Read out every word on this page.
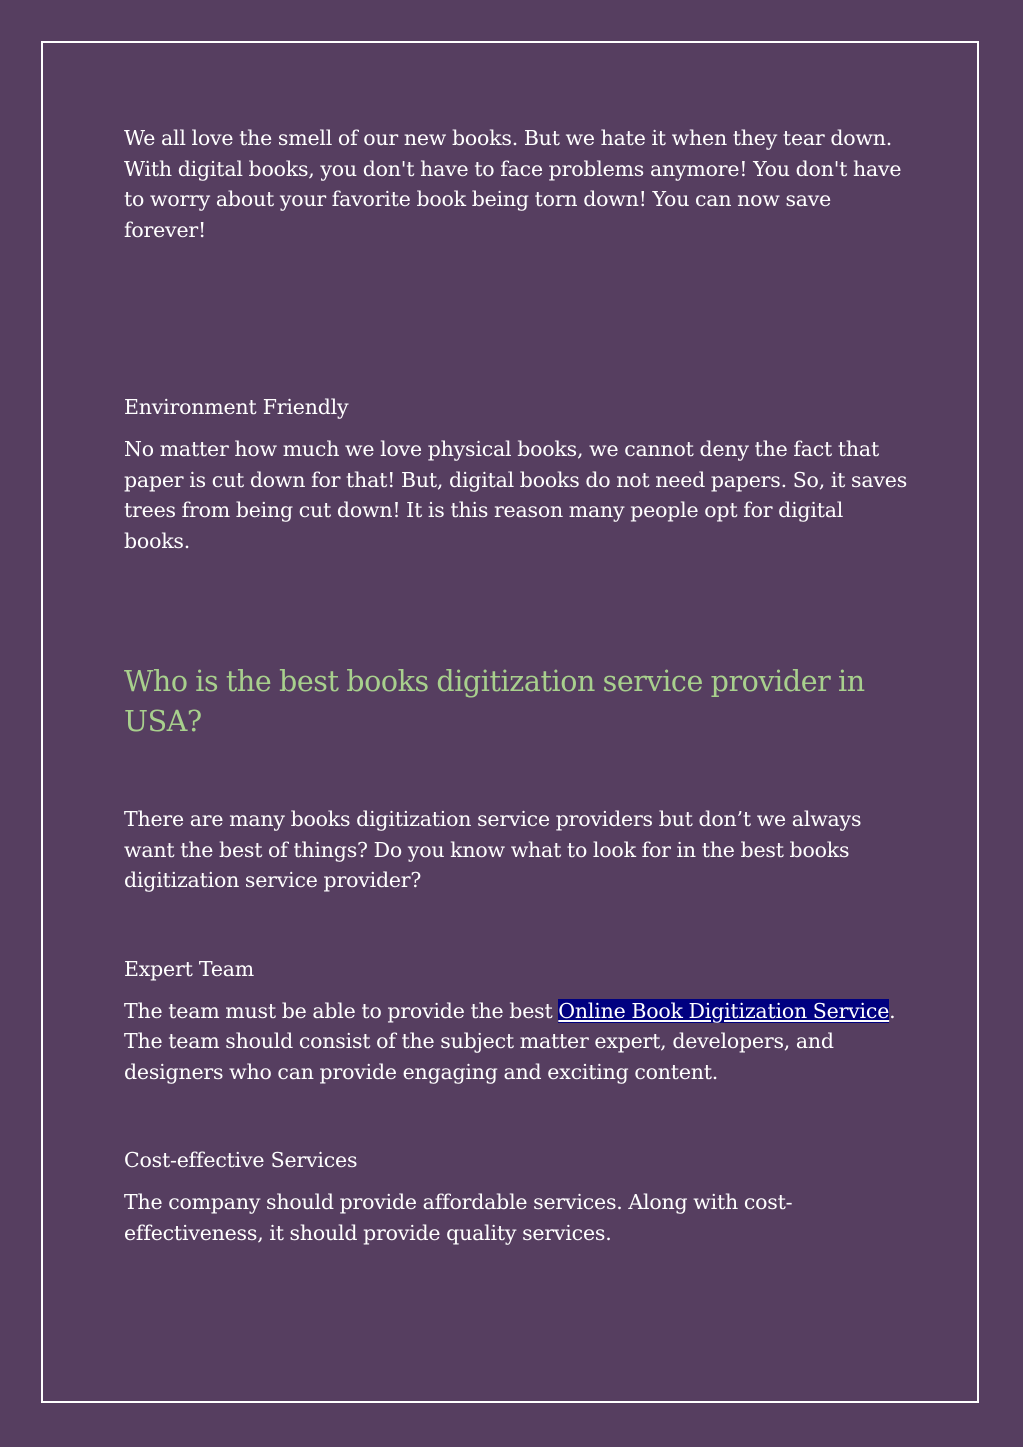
We all love the smell of our new books. But we hate it when they tear down. With digital books, you don't have to face problems anymore! You don't have to worry about your favorite book being torn down! You can now save forever!

Environment Friendly

No matter how much we love physical books, we cannot deny the fact that paper is cut down for that! But, digital books do not need papers. So, it saves trees from being cut down! It is this reason many people opt for digital books.

Who is the best books digitization service provider in USA?

There are many books digitization service providers but don’t we always want the best of things? Do you know what to look for in the best books digitization service provider?

Expert Team

The team must be able to provide the best Online Book Digitization Service. The team should consist of the subject matter expert, developers, and designers who can provide engaging and exciting content.

Cost-effective Services

The company should provide affordable services. Along with cost-effectiveness, it should provide quality services.
